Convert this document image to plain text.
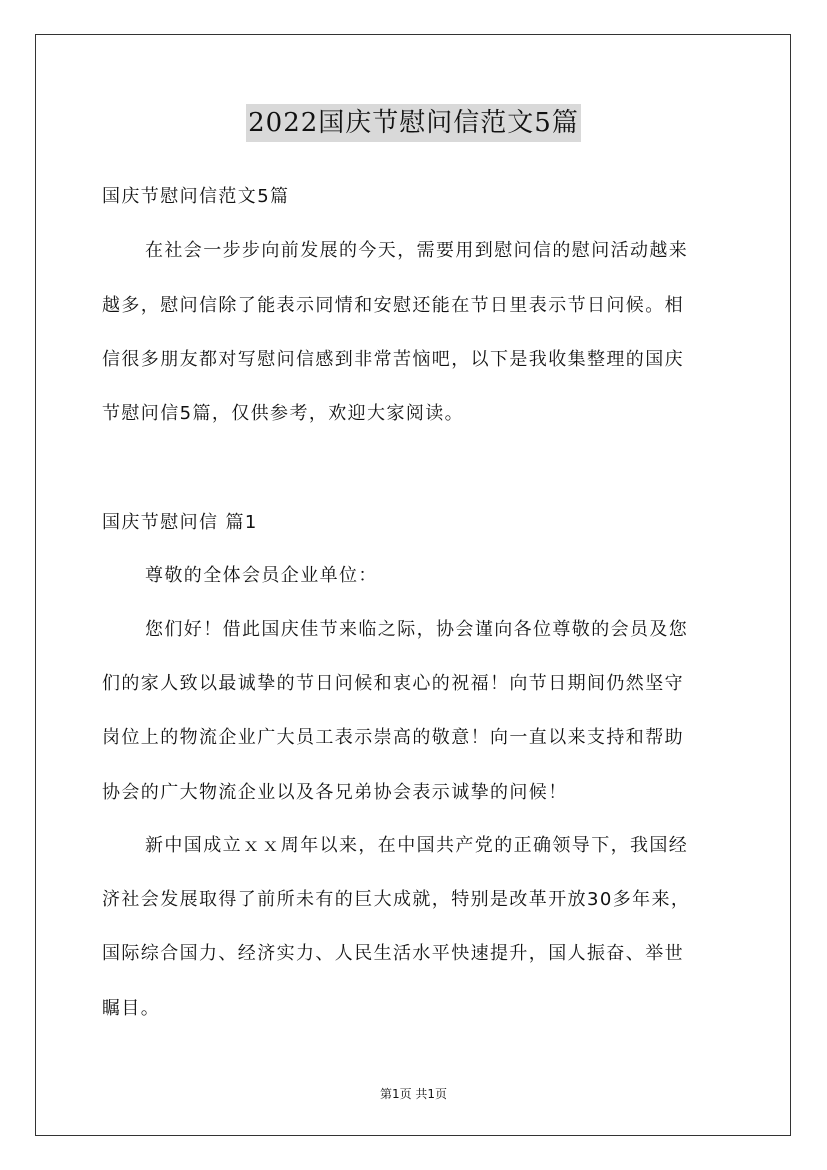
2022国庆节慰问信范文5篇
国庆节慰问信范文5篇
在社会一步步向前发展的今天，需要用到慰问信的慰问活动越来
越多，慰问信除了能表示同情和安慰还能在节日里表示节日问候。相
信很多朋友都对写慰问信感到非常苦恼吧，以下是我收集整理的国庆
节慰问信5篇，仅供参考，欢迎大家阅读。
国庆节慰问信 篇1
尊敬的全体会员企业单位：
您们好！借此国庆佳节来临之际，协会谨向各位尊敬的会员及您
们的家人致以最诚挚的节日问候和衷心的祝福！向节日期间仍然坚守
岗位上的物流企业广大员工表示崇高的敬意！向一直以来支持和帮助
协会的广大物流企业以及各兄弟协会表示诚挚的问候！
新中国成立ｘｘ周年以来，在中国共产党的正确领导下，我国经
济社会发展取得了前所未有的巨大成就，特别是改革开放30多年来，
国际综合国力、经济实力、人民生活水平快速提升，国人振奋、举世
瞩目。
第1页 共1页
